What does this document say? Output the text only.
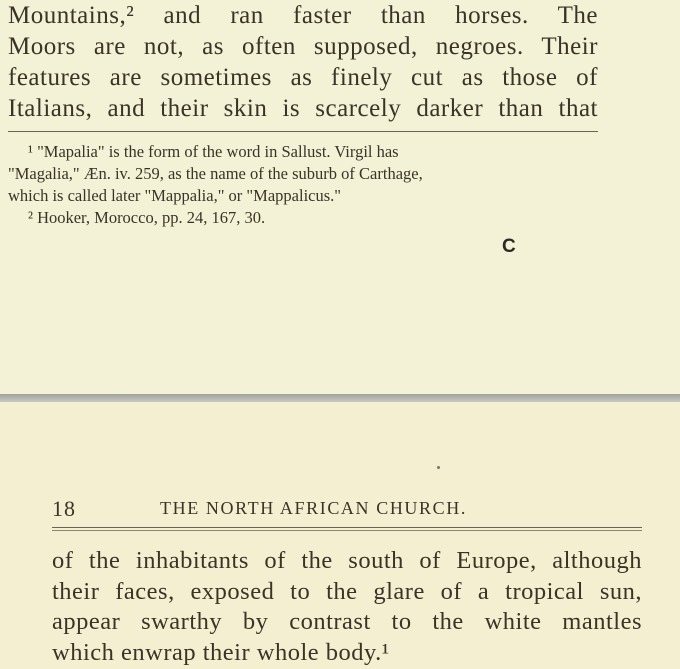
Mountains,² and ran faster than horses. The
Moors are not, as often supposed, negroes. Their
features are sometimes as finely cut as those of
Italians, and their skin is scarcely darker than that
¹ "Mapalia" is the form of the word in Sallust. Virgil has
"Magalia," Æn. iv. 259, as the name of the suburb of Carthage,
which is called later "Mappalia," or "Mappalicus."
² Hooker, Morocco, pp. 24, 167, 30.
C
18	THE NORTH AFRICAN CHURCH.
of the inhabitants of the south of Europe, although
their faces, exposed to the glare of a tropical sun,
appear swarthy by contrast to the white mantles
which enwrap their whole body.¹
